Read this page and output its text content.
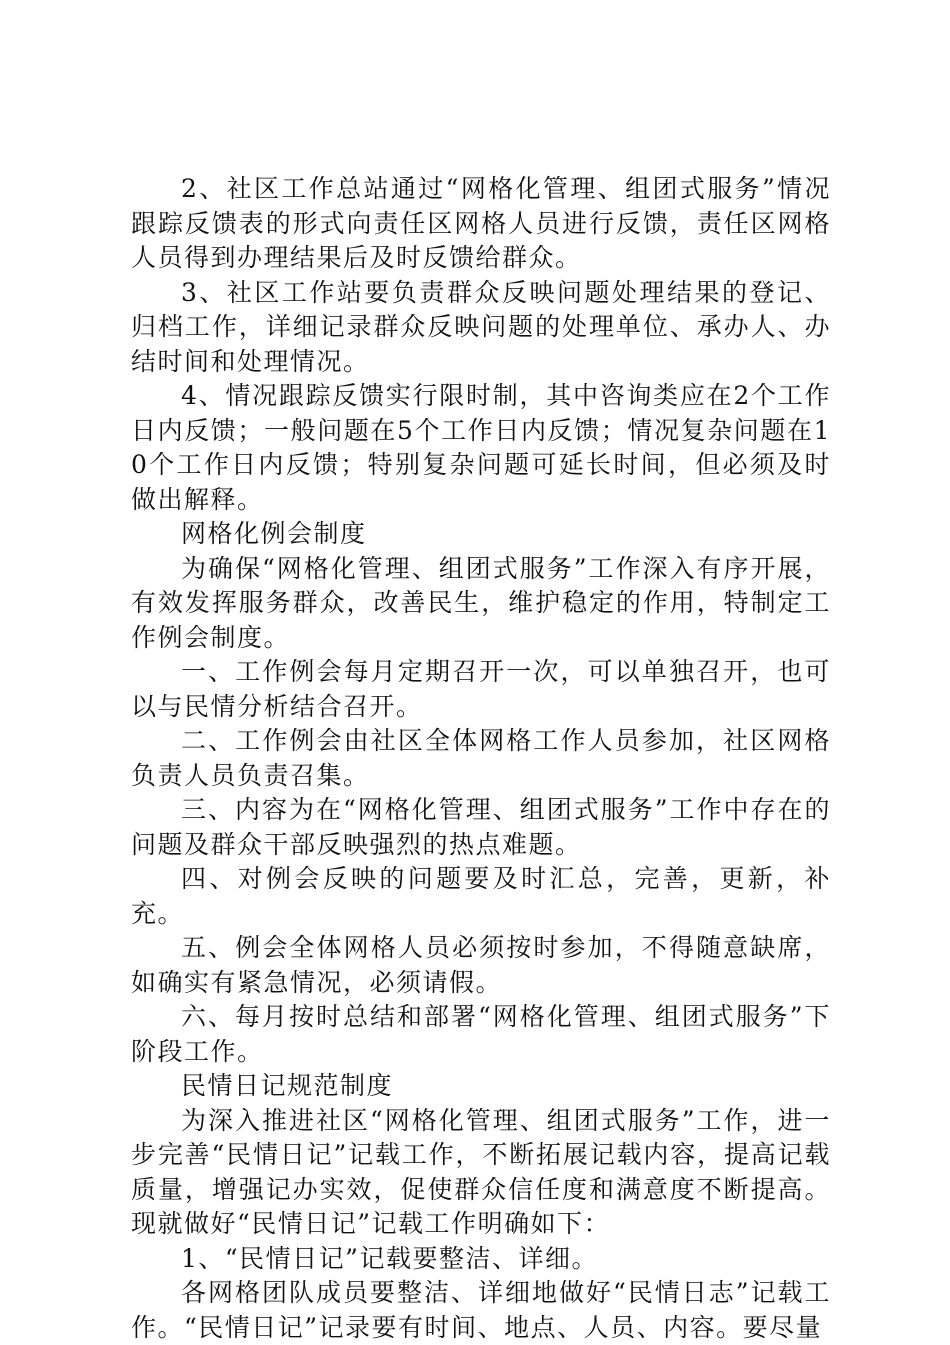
2、社区工作总站通过“网格化管理、组团式服务”情况跟踪反馈表的形式向责任区网格人员进行反馈，责任区网格人员得到办理结果后及时反馈给群众。

3、社区工作站要负责群众反映问题处理结果的登记、归档工作，详细记录群众反映问题的处理单位、承办人、办结时间和处理情况。

4、情况跟踪反馈实行限时制，其中咨询类应在2个工作日内反馈；一般问题在5个工作日内反馈；情况复杂问题在10个工作日内反馈；特别复杂问题可延长时间，但必须及时做出解释。

网格化例会制度

为确保“网格化管理、组团式服务”工作深入有序开展，有效发挥服务群众，改善民生，维护稳定的作用，特制定工作例会制度。

一、工作例会每月定期召开一次，可以单独召开，也可以与民情分析结合召开。

二、工作例会由社区全体网格工作人员参加，社区网格负责人员负责召集。

三、内容为在“网格化管理、组团式服务”工作中存在的问题及群众干部反映强烈的热点难题。

四、对例会反映的问题要及时汇总，完善，更新，补充。

五、例会全体网格人员必须按时参加，不得随意缺席，如确实有紧急情况，必须请假。

六、每月按时总结和部署“网格化管理、组团式服务”下阶段工作。

民情日记规范制度

为深入推进社区“网格化管理、组团式服务”工作，进一步完善“民情日记”记载工作，不断拓展记载内容，提高记载质量，增强记办实效，促使群众信任度和满意度不断提高。现就做好“民情日记”记载工作明确如下：

1、“民情日记”记载要整洁、详细。

各网格团队成员要整洁、详细地做好“民情日志”记载工作。“民情日记”记录要有时间、地点、人员、内容。要尽量
